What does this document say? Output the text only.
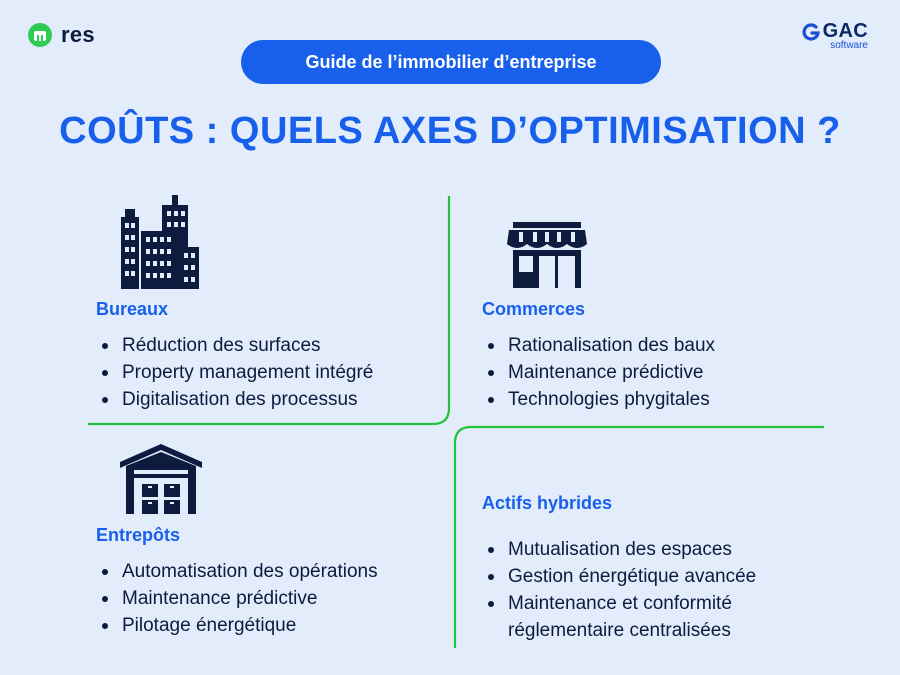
res	GAC
software
Guide de l’immobilier d’entreprise
COÛTS : QUELS AXES D’OPTIMISATION ?
Bureaux
Réduction des surfaces
Property management intégré
Digitalisation des processus
Commerces
Rationalisation des baux
Maintenance prédictive
Technologies phygitales
Entrepôts
Automatisation des opérations
Maintenance prédictive
Pilotage énergétique
Actifs hybrides
Mutualisation des espaces
Gestion énergétique avancée
Maintenance et conformité
réglementaire centralisées
